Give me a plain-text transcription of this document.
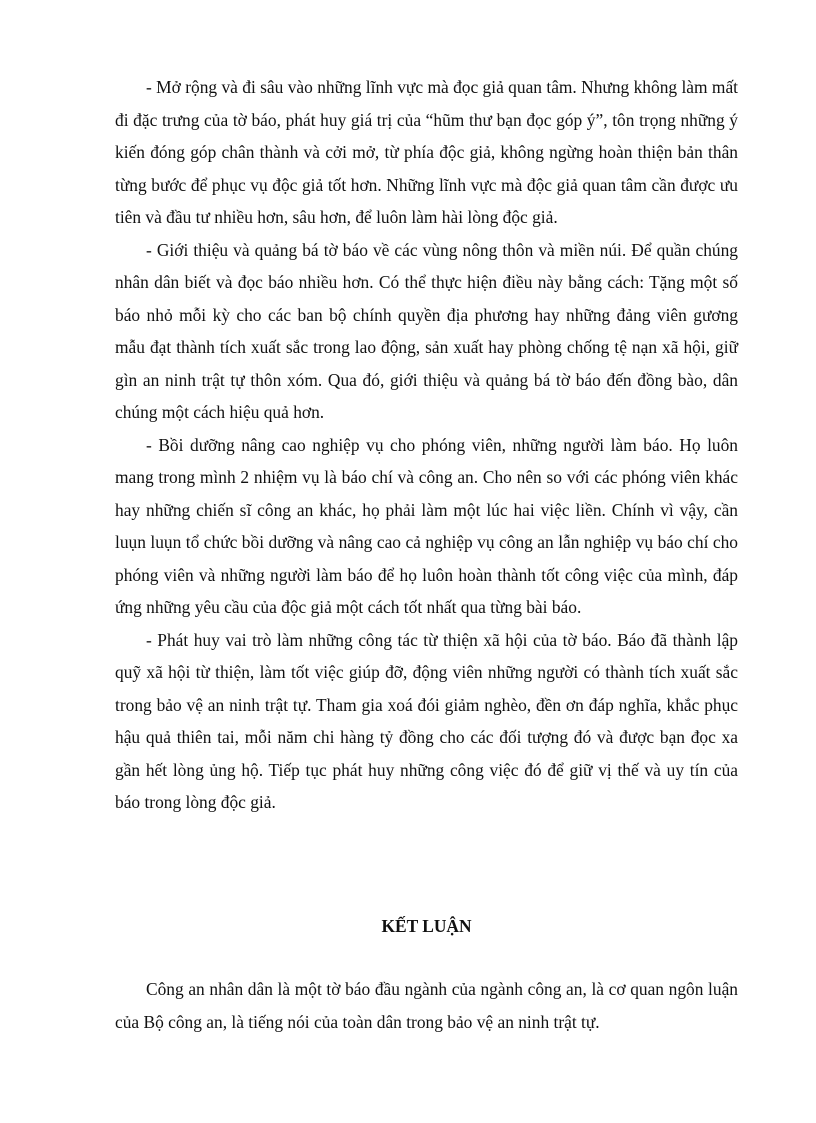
- Mở rộng và đi sâu vào những lĩnh vực mà đọc giả quan tâm. Nhưng không làm mất đi đặc trưng của tờ báo, phát huy giá trị của “hũm thư bạn đọc góp ý”, tôn trọng những ý kiến đóng góp chân thành và cởi mở, từ phía độc giả, không ngừng hoàn thiện bản thân từng bước để phục vụ độc giả tốt hơn. Những lĩnh vực mà độc giả quan tâm cần được ưu tiên và đầu tư nhiều hơn, sâu hơn, để luôn làm hài lòng độc giả.

- Giới thiệu và quảng bá tờ báo về các vùng nông thôn và miền núi. Để quần chúng nhân dân biết và đọc báo nhiều hơn. Có thể thực hiện điều này bằng cách: Tặng một số báo nhỏ mỗi kỳ cho các ban bộ chính quyền địa phương hay những đảng viên gương mẫu đạt thành tích xuất sắc trong lao động, sản xuất hay phòng chống tệ nạn xã hội, giữ gìn an ninh trật tự thôn xóm. Qua đó, giới thiệu và quảng bá tờ báo đến đồng bào, dân chúng một cách hiệu quả hơn.

- Bồi dưỡng nâng cao nghiệp vụ cho phóng viên, những người làm báo. Họ luôn mang trong mình 2 nhiệm vụ là báo chí và công an. Cho nên so với các phóng viên khác hay những chiến sĩ công an khác, họ phải làm một lúc hai việc liền. Chính vì vậy, cần luụn luụn tổ chức bồi dưỡng và nâng cao cả nghiệp vụ công an lẫn nghiệp vụ báo chí cho phóng viên và những người làm báo để họ luôn hoàn thành tốt công việc của mình, đáp ứng những yêu cầu của độc giả một cách tốt nhất qua từng bài báo.

- Phát huy vai trò làm những công tác từ thiện xã hội của tờ báo. Báo đã thành lập quỹ xã hội từ thiện, làm tốt việc giúp đỡ, động viên những người có thành tích xuất sắc trong bảo vệ an ninh trật tự. Tham gia xoá đói giảm nghèo, đền ơn đáp nghĩa, khắc phục hậu quả thiên tai, mỗi năm chi hàng tỷ đồng cho các đối tượng đó và được bạn đọc xa gần hết lòng ủng hộ. Tiếp tục phát huy những công việc đó để giữ vị thế và uy tín của báo trong lòng độc giả.

KẾT LUẬN

Công an nhân dân là một tờ báo đầu ngành của ngành công an, là cơ quan ngôn luận của Bộ công an, là tiếng nói của toàn dân trong bảo vệ an ninh trật tự.
